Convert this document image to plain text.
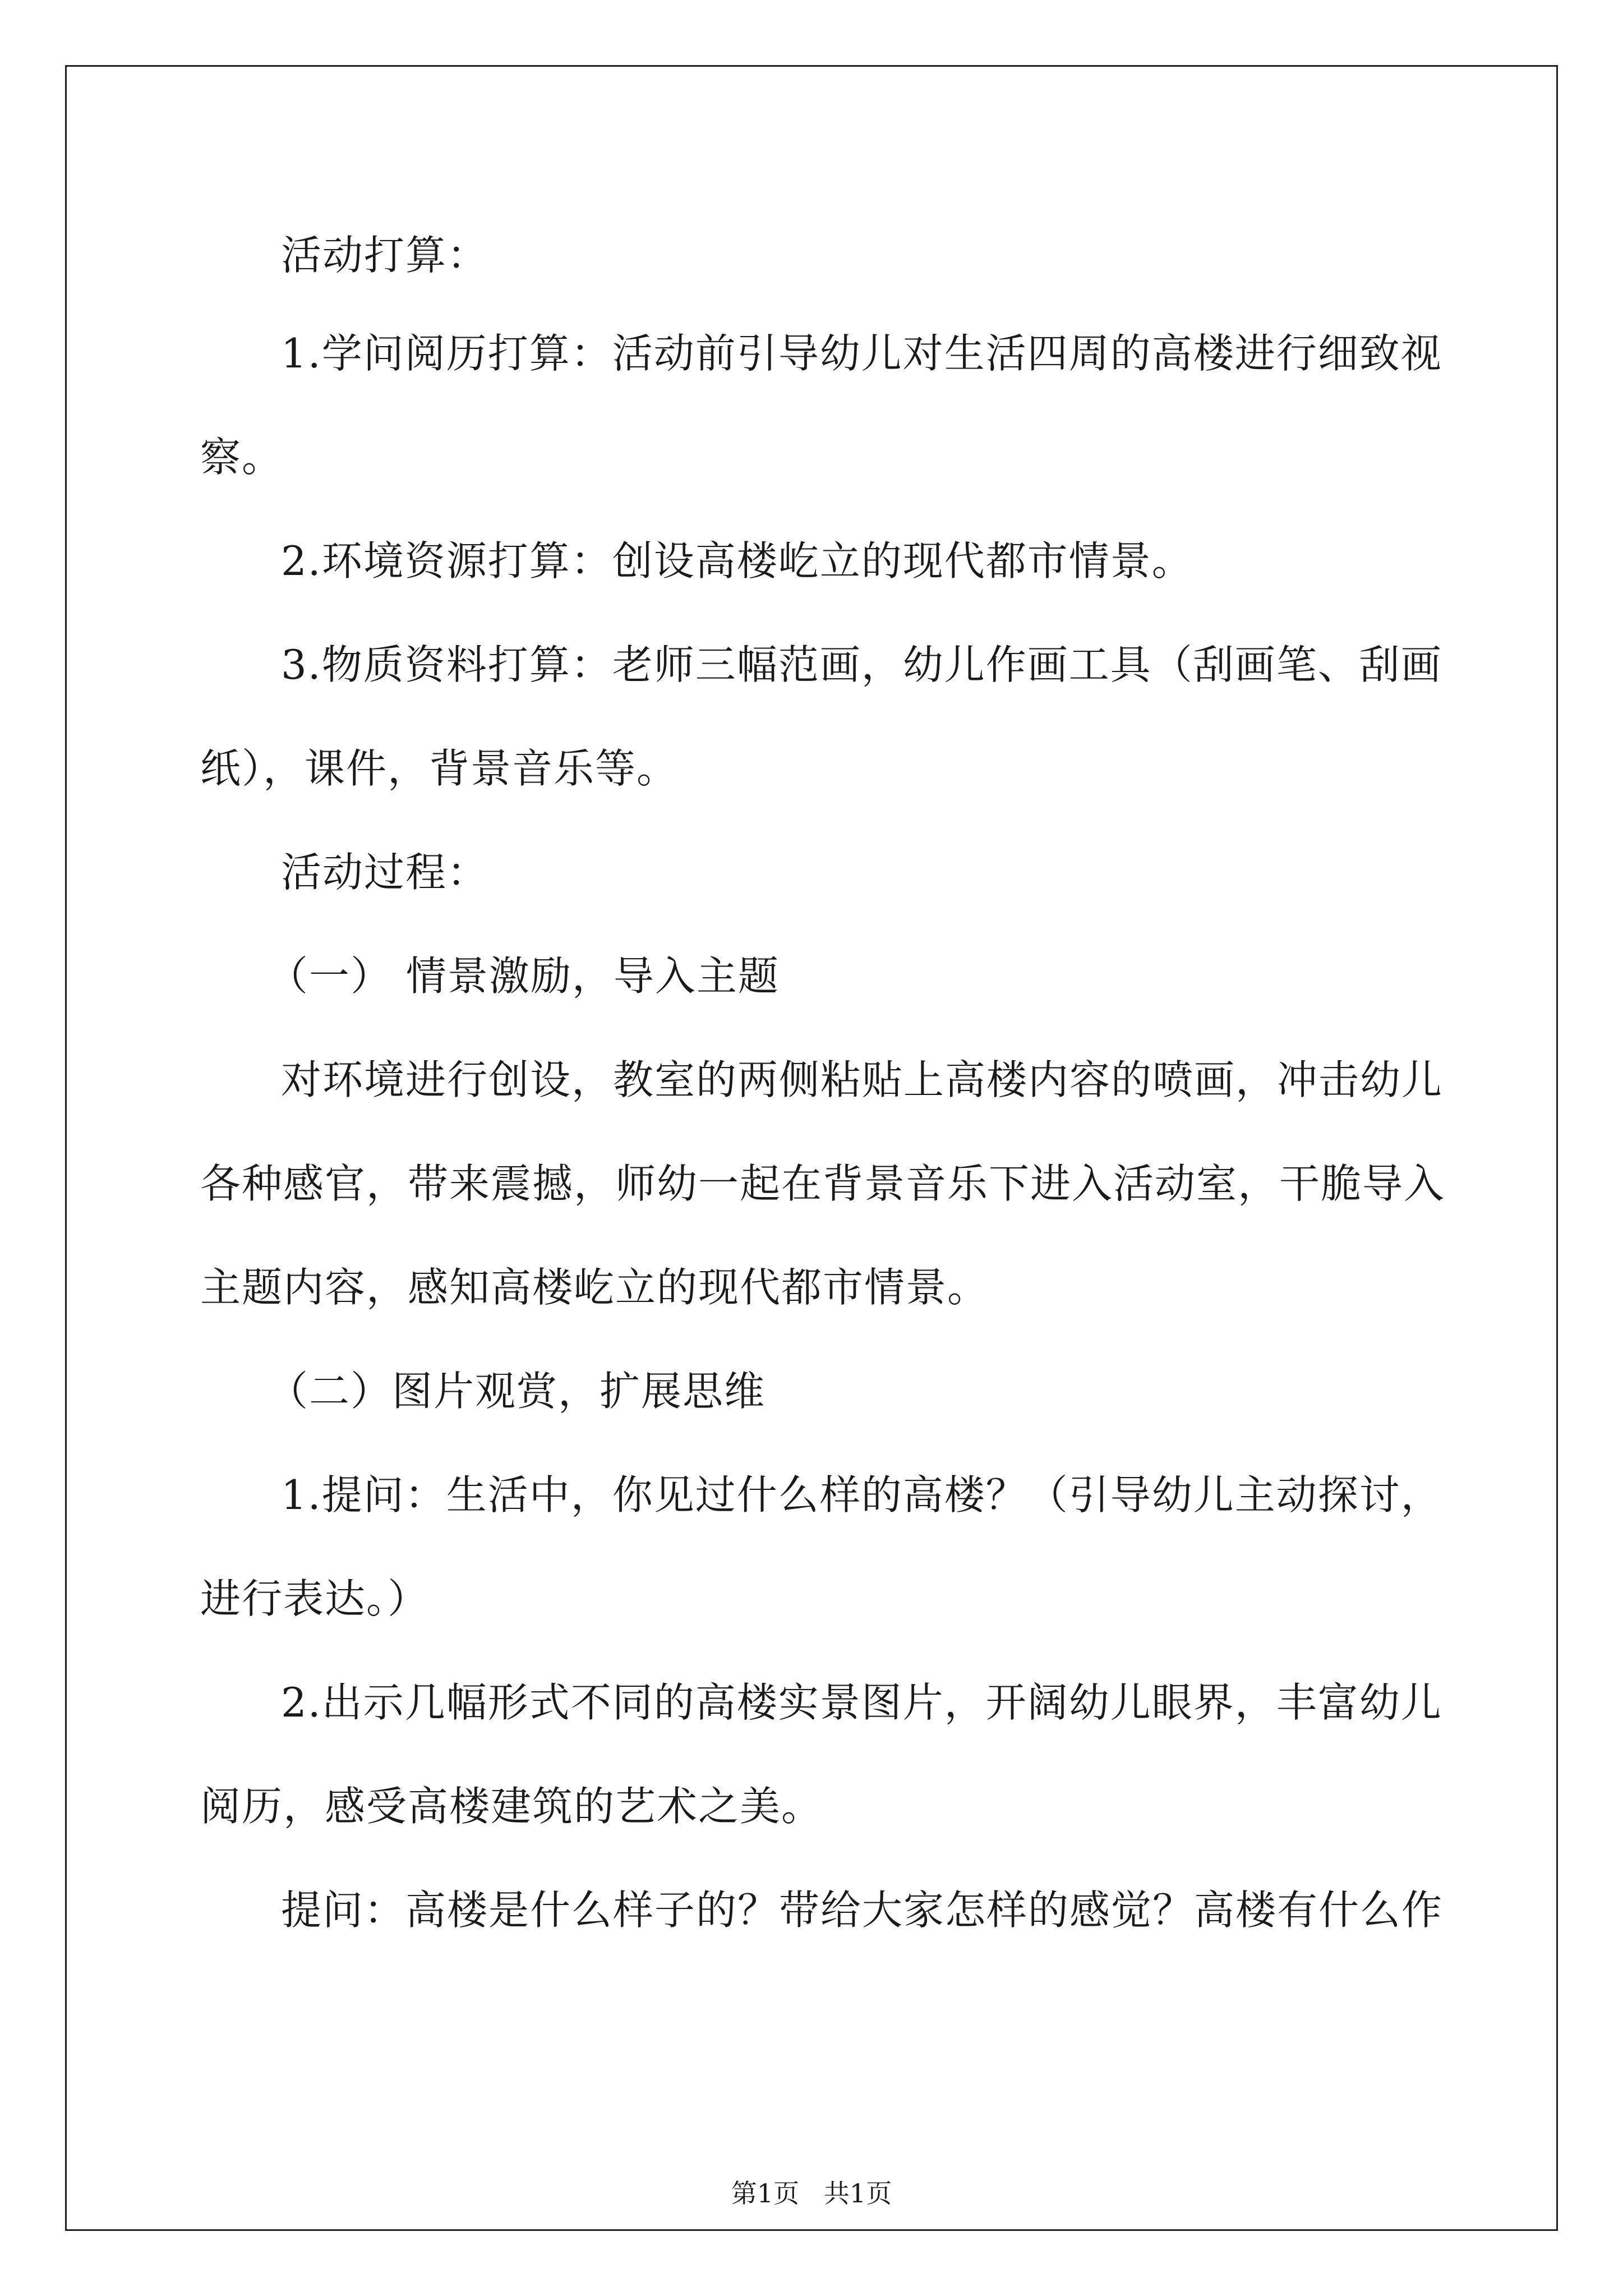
活动打算：
1.学问阅历打算：活动前引导幼儿对生活四周的高楼进行细致视
察。
2.环境资源打算：创设高楼屹立的现代都市情景。
3.物质资料打算：老师三幅范画，幼儿作画工具（刮画笔、刮画
纸），课件，背景音乐等。
活动过程：
（一） 情景激励，导入主题
对环境进行创设，教室的两侧粘贴上高楼内容的喷画，冲击幼儿
各种感官，带来震撼，师幼一起在背景音乐下进入活动室，干脆导入
主题内容，感知高楼屹立的现代都市情景。
（二）图片观赏，扩展思维
1.提问：生活中，你见过什么样的高楼？（引导幼儿主动探讨，
进行表达。）
2.出示几幅形式不同的高楼实景图片，开阔幼儿眼界，丰富幼儿
阅历，感受高楼建筑的艺术之美。
提问：高楼是什么样子的？带给大家怎样的感觉？高楼有什么作
第1页   共1页
